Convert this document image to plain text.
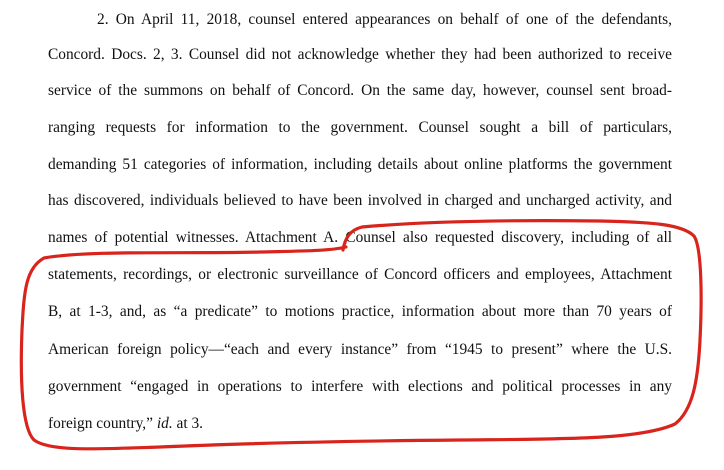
2. On April 11, 2018, counsel entered appearances on behalf of one of the defendants,
Concord. Docs. 2, 3. Counsel did not acknowledge whether they had been authorized to receive
service of the summons on behalf of Concord. On the same day, however, counsel sent broad-
ranging requests for information to the government. Counsel sought a bill of particulars,
demanding 51 categories of information, including details about online platforms the government
has discovered, individuals believed to have been involved in charged and uncharged activity, and
names of potential witnesses. Attachment A. Counsel also requested discovery, including of all
statements, recordings, or electronic surveillance of Concord officers and employees, Attachment
B, at 1-3, and, as “a predicate” to motions practice, information about more than 70 years of
American foreign policy—“each and every instance” from “1945 to present” where the U.S.
government “engaged in operations to interfere with elections and political processes in any
foreign country,” id. at 3.
